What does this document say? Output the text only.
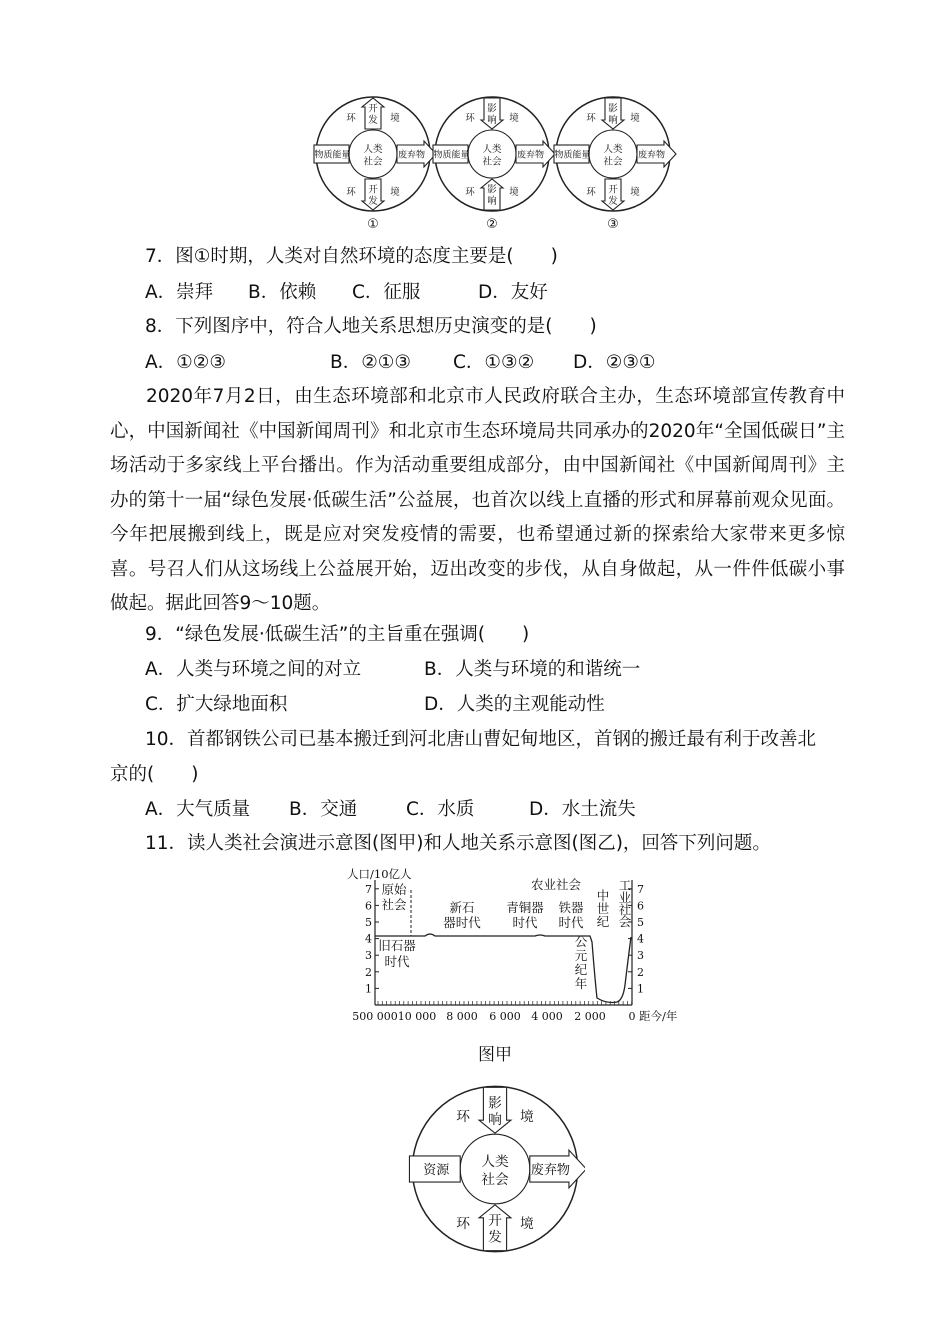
开
发
开
发
物质能量	废弃物
人类
社会
环	境
环	境
①
影
响
影
响
物质能量	废弃物
人类
社会
环	境
环	境
②
影
响
开
发
物质能量	废弃物
人类
社会
环	境
环	境
③
7．图①时期，人类对自然环境的态度主要是(　　)
A．崇拜 B．依赖 C．征服	D．友好
8．下列图序中，符合人地关系思想历史演变的是(　　)
A．①②③	B．②①③ C．①③② D．②③①
2020年7月2日，由生态环境部和北京市人民政府联合主办，生态环境部宣传教育中心，中国新闻社《中国新闻周刊》和北京市生态环境局共同承办的2020年“全国低碳日”主场活动于多家线上平台播出。作为活动重要组成部分，由中国新闻社《中国新闻周刊》主办的第十一届“绿色发展·低碳生活”公益展，也首次以线上直播的形式和屏幕前观众见面。今年把展搬到线上，既是应对突发疫情的需要，也希望通过新的探索给大家带来更多惊喜。号召人们从这场线上公益展开始，迈出改变的步伐，从自身做起，从一件件低碳小事做起。据此回答9～10题。
9．“绿色发展·低碳生活”的主旨重在强调(　　)
A．人类与环境之间的对立	B．人类与环境的和谐统一
C．扩大绿地面积	D．人类的主观能动性
10．首都钢铁公司已基本搬迁到河北唐山曹妃甸地区，首钢的搬迁最有利于改善北
京的(　　)
A．大气质量 B．交通	C．水质	D．水土流失
11．读人类社会演进示意图(图甲)和人地关系示意图(图乙)，回答下列问题。
1
2
3
4
5
6
7
1
2
3
4
5
6
7
500 000 10 000 8 000 6 000 4 000 2 000 0
人口/10亿人
距今/年
农业社会
原始
社会
旧石器
时代
新石
器时代
青铜器
时代
铁器
时代
中
世
纪
工
业
社
会
公
元
纪
年
图甲
影
响
开
发
资源	废弃物
人类
社会
环	境
环	境
